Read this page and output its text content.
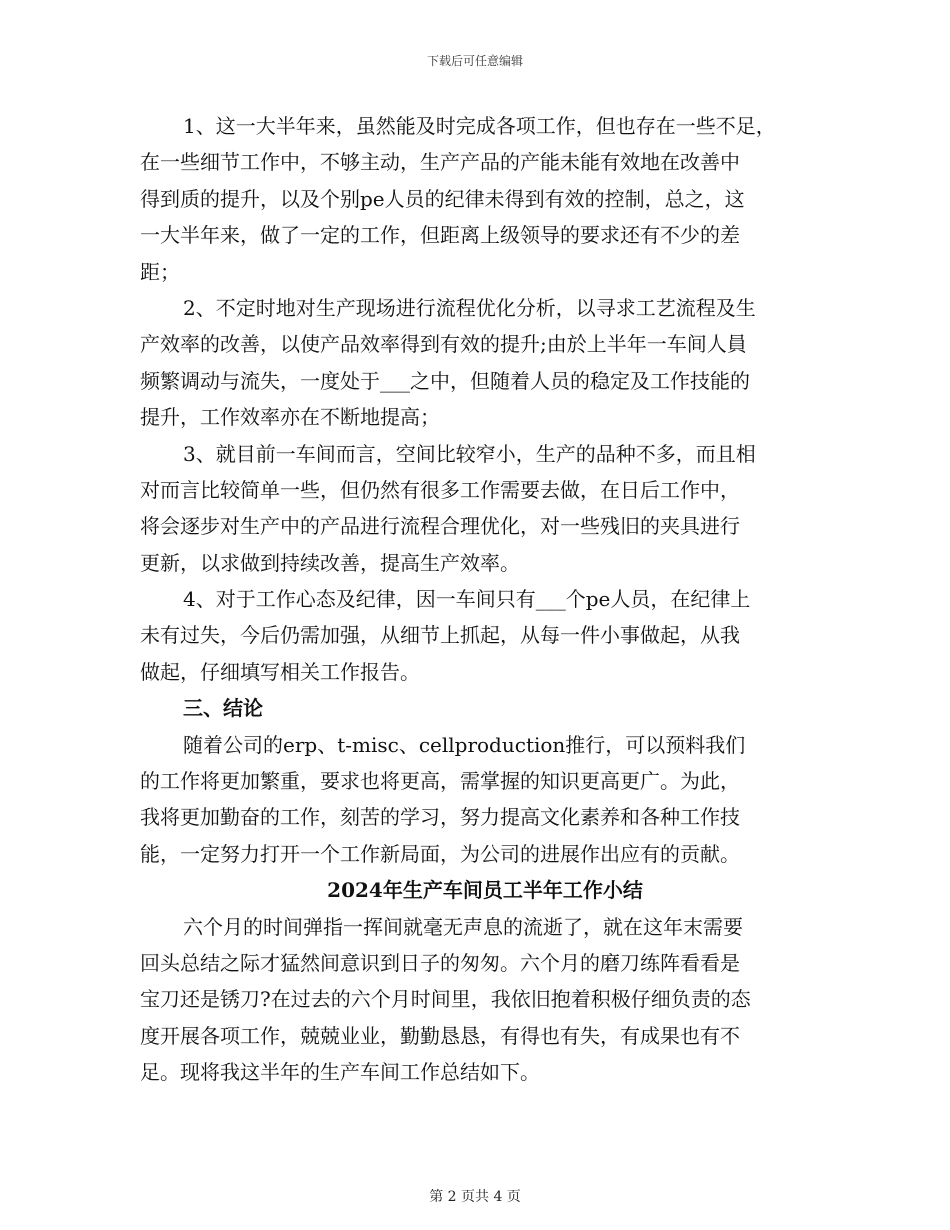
下载后可任意编辑
1、这一大半年来，虽然能及时完成各项工作，但也存在一些不足，
在一些细节工作中，不够主动，生产产品的产能未能有效地在改善中
得到质的提升，以及个别pe人员的纪律未得到有效的控制，总之，这
一大半年来，做了一定的工作，但距离上级领导的要求还有不少的差
距；
2、不定时地对生产现场进行流程优化分析，以寻求工艺流程及生
产效率的改善，以使产品效率得到有效的提升;由於上半年一车间人員
频繁调动与流失，一度处于___之中，但随着人员的稳定及工作技能的
提升，工作效率亦在不断地提高；
3、就目前一车间而言，空间比较窄小，生产的品种不多，而且相
对而言比较简单一些，但仍然有很多工作需要去做，在日后工作中，
将会逐步对生产中的产品进行流程合理优化，对一些残旧的夹具进行
更新，以求做到持续改善，提高生产效率。
4、对于工作心态及纪律，因一车间只有___个pe人员，在纪律上
未有过失，今后仍需加强，从细节上抓起，从每一件小事做起，从我
做起，仔细填写相关工作报告。
三、结论
随着公司的erp、t-misc、cellproduction推行，可以预料我们
的工作将更加繁重，要求也将更高，需掌握的知识更高更广。为此，
我将更加勤奋的工作，刻苦的学习，努力提高文化素养和各种工作技
能，一定努力打开一个工作新局面，为公司的进展作出应有的贡献。
2024年生产车间员工半年工作小结
六个月的时间弹指一挥间就毫无声息的流逝了，就在这年末需要
回头总结之际才猛然间意识到日子的匆匆。六个月的磨刀练阵看看是
宝刀还是锈刀?在过去的六个月时间里，我依旧抱着积极仔细负责的态
度开展各项工作，兢兢业业，勤勤恳恳，有得也有失，有成果也有不
足。现将我这半年的生产车间工作总结如下。
第 2 页共 4 页
